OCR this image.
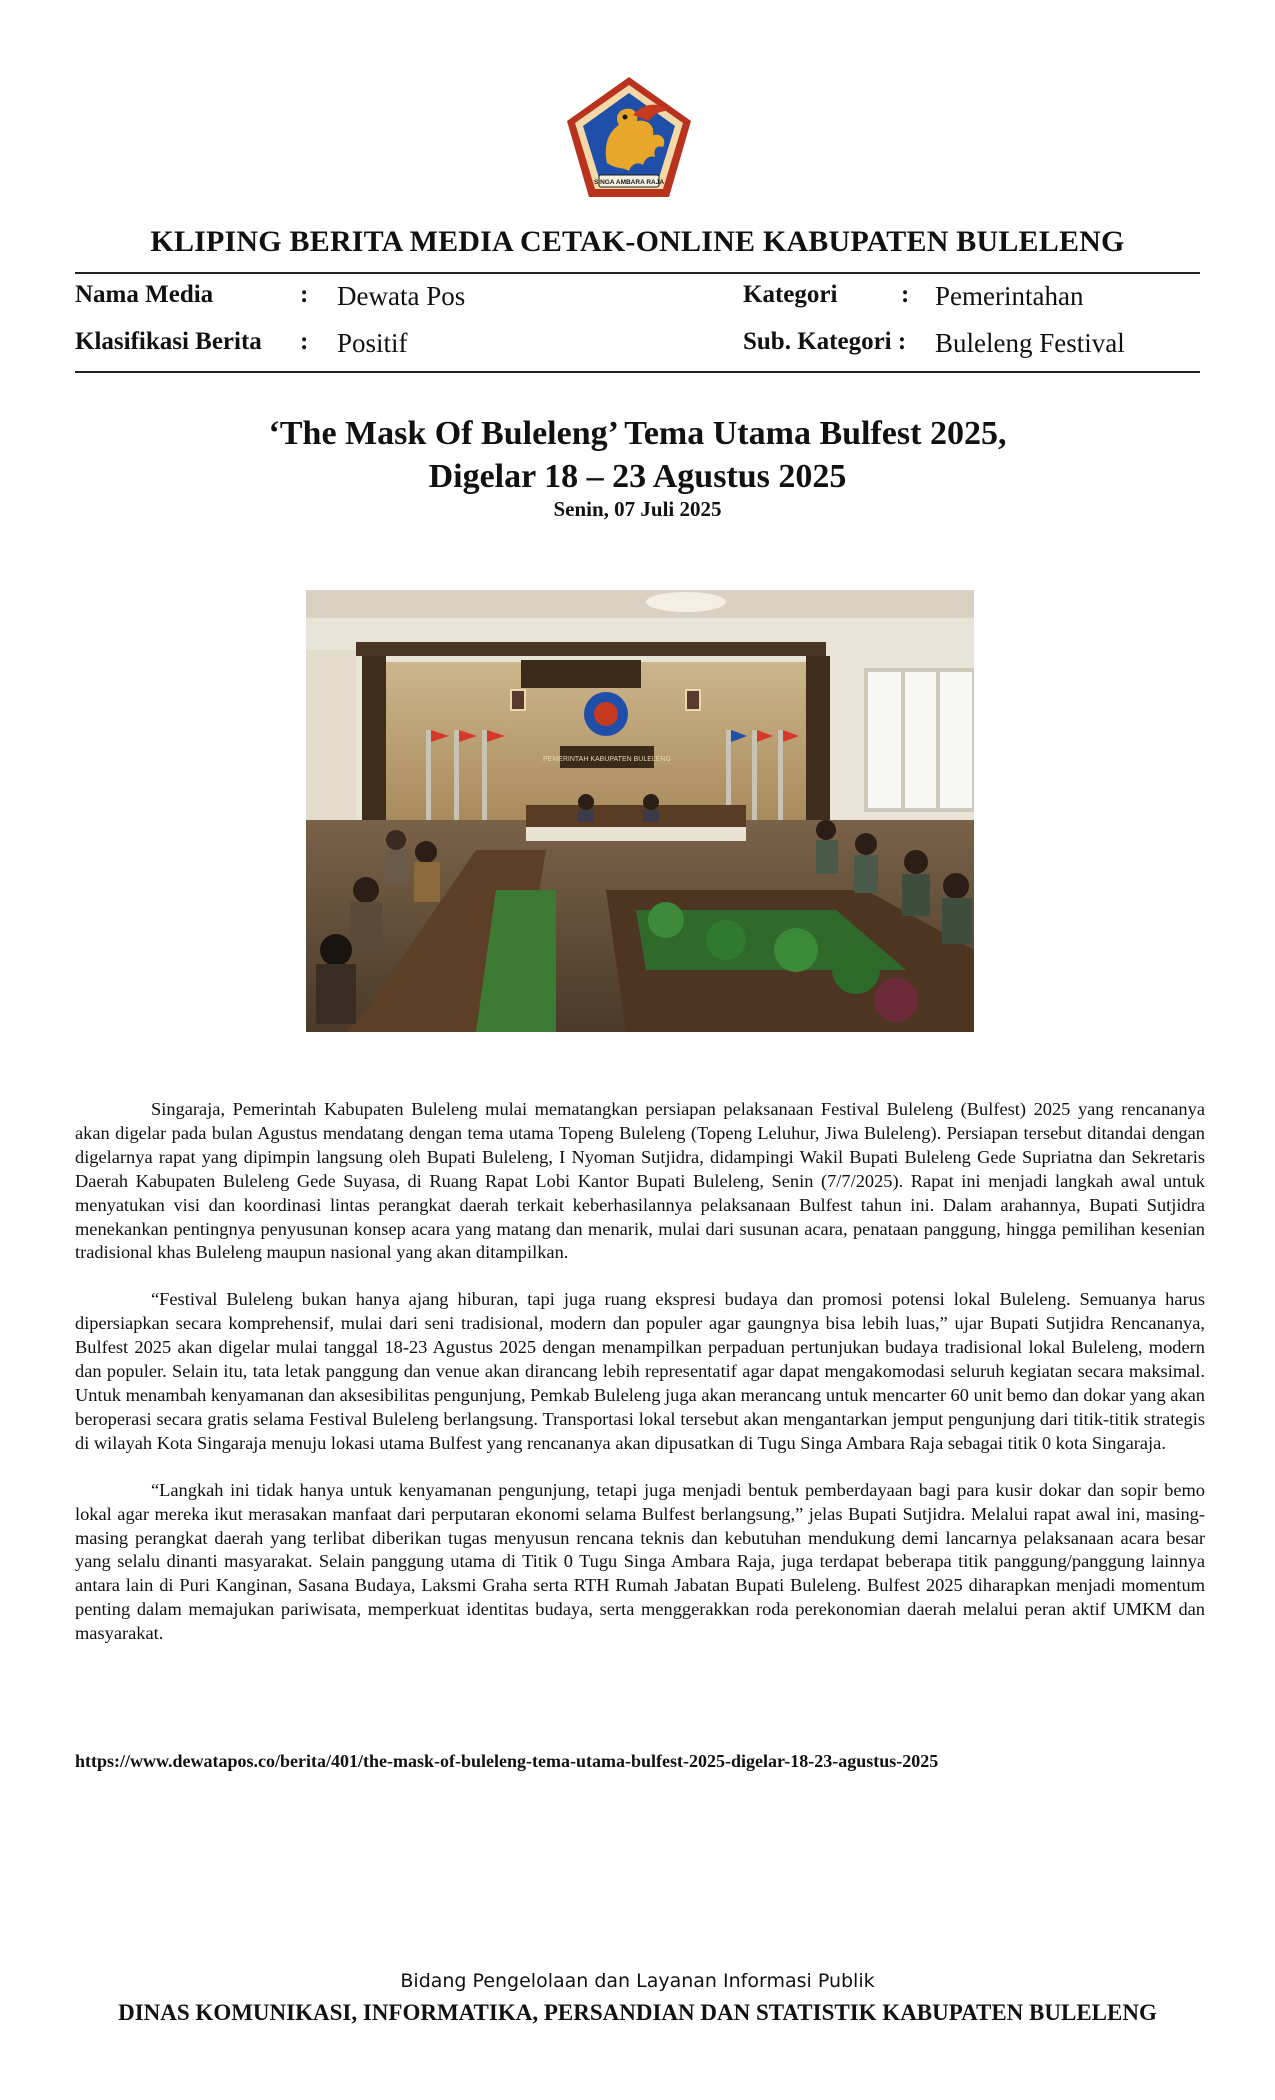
SINGA AMBARA RAJA
KLIPING BERITA MEDIA CETAK-ONLINE KABUPATEN BULELENG
Nama Media	: Dewata Pos
Klasifikasi Berita : Positif
Kategori	: Pemerintahan
Sub. Kategori : Buleleng Festival
‘The Mask Of Buleleng’ Tema Utama Bulfest 2025,
Digelar 18 – 23 Agustus 2025
Senin, 07 Juli 2025
PEMERINTAH KABUPATEN BULELENG

Singaraja, Pemerintah Kabupaten Buleleng mulai mematangkan persiapan pelaksanaan Festival Buleleng (Bulfest) 2025 yang rencananya akan digelar pada bulan Agustus mendatang dengan tema utama Topeng Buleleng (Topeng Leluhur, Jiwa Buleleng). Persiapan tersebut ditandai dengan digelarnya rapat yang dipimpin langsung oleh Bupati Buleleng, I Nyoman Sutjidra, didampingi Wakil Bupati Buleleng Gede Supriatna dan Sekretaris Daerah Kabupaten Buleleng Gede Suyasa, di Ruang Rapat Lobi Kantor Bupati Buleleng, Senin (7/7/2025). Rapat ini menjadi langkah awal untuk menyatukan visi dan koordinasi lintas perangkat daerah terkait keberhasilannya pelaksanaan Bulfest tahun ini. Dalam arahannya, Bupati Sutjidra menekankan pentingnya penyusunan konsep acara yang matang dan menarik, mulai dari susunan acara, penataan panggung, hingga pemilihan kesenian tradisional khas Buleleng maupun nasional yang akan ditampilkan.

“Festival Buleleng bukan hanya ajang hiburan, tapi juga ruang ekspresi budaya dan promosi potensi lokal Buleleng. Semuanya harus dipersiapkan secara komprehensif, mulai dari seni tradisional, modern dan populer agar gaungnya bisa lebih luas,” ujar Bupati Sutjidra Rencananya, Bulfest 2025 akan digelar mulai tanggal 18-23 Agustus 2025 dengan menampilkan perpaduan pertunjukan budaya tradisional lokal Buleleng, modern dan populer. Selain itu, tata letak panggung dan venue akan dirancang lebih representatif agar dapat mengakomodasi seluruh kegiatan secara maksimal. Untuk menambah kenyamanan dan aksesibilitas pengunjung, Pemkab Buleleng juga akan merancang untuk mencarter 60 unit bemo dan dokar yang akan beroperasi secara gratis selama Festival Buleleng berlangsung. Transportasi lokal tersebut akan mengantarkan jemput pengunjung dari titik-titik strategis di wilayah Kota Singaraja menuju lokasi utama Bulfest yang rencananya akan dipusatkan di Tugu Singa Ambara Raja sebagai titik 0 kota Singaraja.

“Langkah ini tidak hanya untuk kenyamanan pengunjung, tetapi juga menjadi bentuk pemberdayaan bagi para kusir dokar dan sopir bemo lokal agar mereka ikut merasakan manfaat dari perputaran ekonomi selama Bulfest berlangsung,” jelas Bupati Sutjidra. Melalui rapat awal ini, masing-masing perangkat daerah yang terlibat diberikan tugas menyusun rencana teknis dan kebutuhan mendukung demi lancarnya pelaksanaan acara besar yang selalu dinanti masyarakat. Selain panggung utama di Titik 0 Tugu Singa Ambara Raja, juga terdapat beberapa titik panggung/panggung lainnya antara lain di Puri Kanginan, Sasana Budaya, Laksmi Graha serta RTH Rumah Jabatan Bupati Buleleng. Bulfest 2025 diharapkan menjadi momentum penting dalam memajukan pariwisata, memperkuat identitas budaya, serta menggerakkan roda perekonomian daerah melalui peran aktif UMKM dan masyarakat.

https://www.dewatapos.co/berita/401/the-mask-of-buleleng-tema-utama-bulfest-2025-digelar-18-23-agustus-2025
Bidang Pengelolaan dan Layanan Informasi Publik
DINAS KOMUNIKASI, INFORMATIKA, PERSANDIAN DAN STATISTIK KABUPATEN BULELENG
